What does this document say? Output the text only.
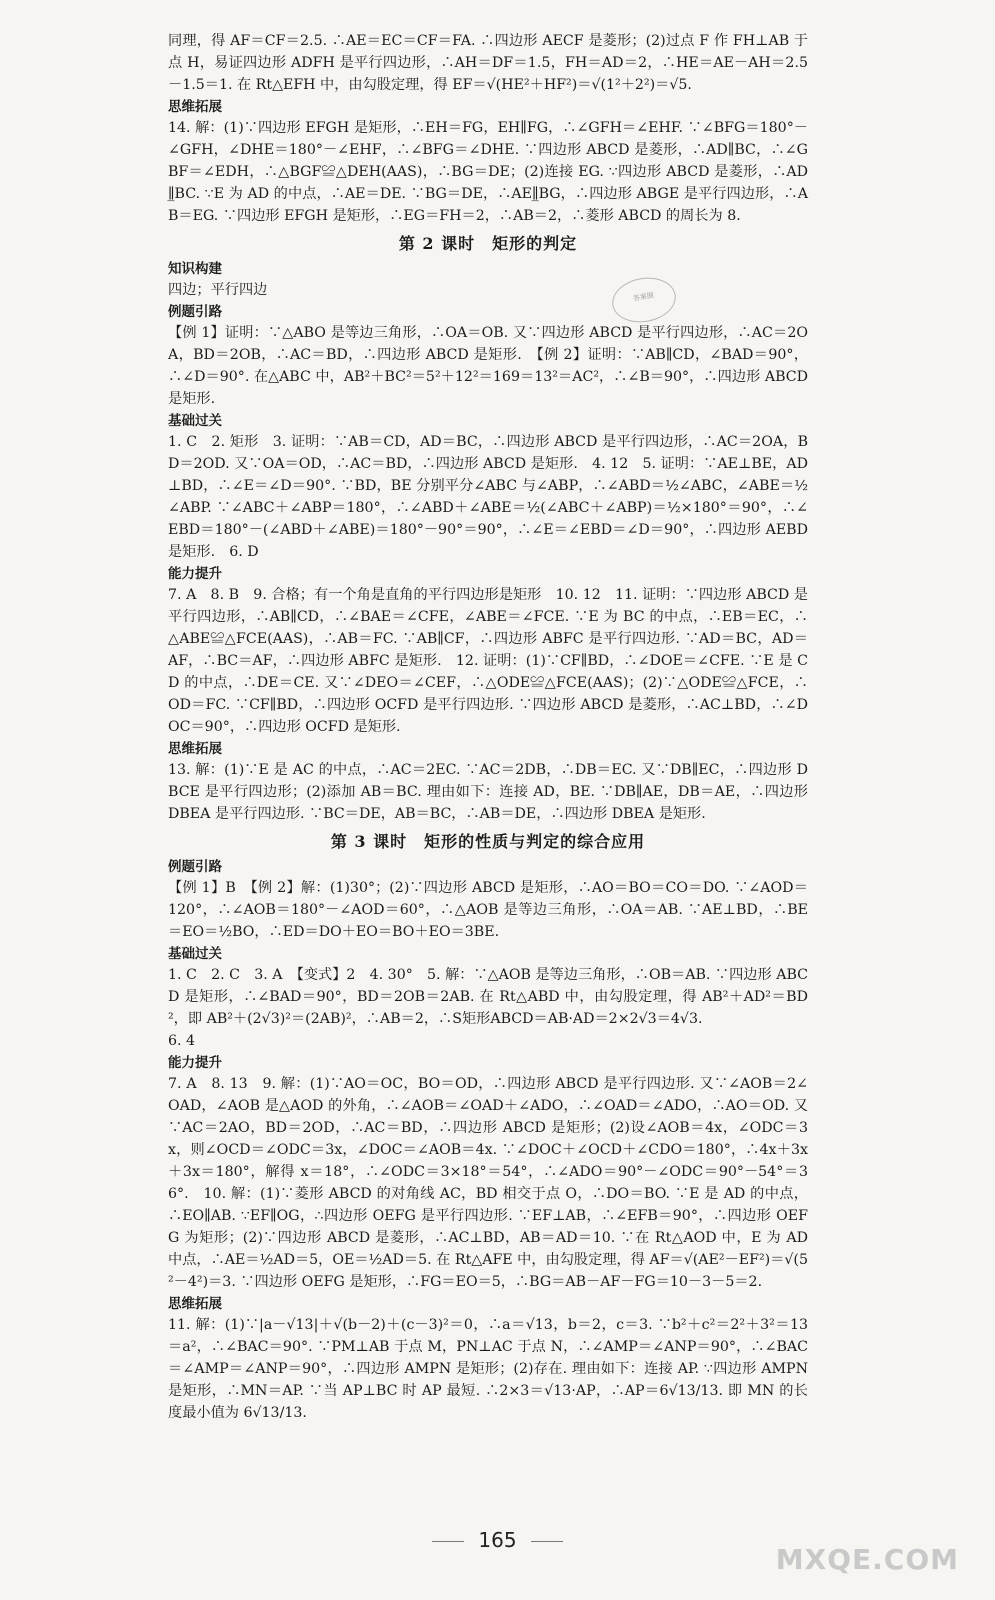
同理，得 AF＝CF＝2.5. ∴AE＝EC＝CF＝FA. ∴四边形 AECF 是菱形；(2)过点 F 作 FH⊥AB 于点 H，易证四边形 ADFH 是平行四边形，∴AH＝DF＝1.5，FH＝AD＝2，∴HE＝AE－AH＝2.5－1.5＝1. 在 Rt△EFH 中，由勾股定理，得 EF＝√(HE²＋HF²)＝√(1²＋2²)＝√5.

思维拓展

14. 解：(1)∵四边形 EFGH 是矩形，∴EH＝FG，EH∥FG，∴∠GFH＝∠EHF. ∵∠BFG＝180°－∠GFH，∠DHE＝180°－∠EHF，∴∠BFG＝∠DHE. ∵四边形 ABCD 是菱形，∴AD∥BC，∴∠GBF＝∠EDH，∴△BGF≌△DEH(AAS)，∴BG＝DE；(2)连接 EG. ∵四边形 ABCD 是菱形，∴AD∥̲BC. ∵E 为 AD 的中点，∴AE＝DE. ∵BG＝DE，∴AE∥̲BG，∴四边形 ABGE 是平行四边形，∴AB＝EG. ∵四边形 EFGH 是矩形，∴EG＝FH＝2，∴AB＝2，∴菱形 ABCD 的周长为 8.

第 2 课时　矩形的判定
知识构建

四边；平行四边

例题引路

【例 1】证明：∵△ABO 是等边三角形，∴OA＝OB. 又∵四边形 ABCD 是平行四边形，∴AC＝2OA，BD＝2OB，∴AC＝BD，∴四边形 ABCD 是矩形.　【例 2】证明：∵AB∥CD，∠BAD＝90°，∴∠D＝90°. 在△ABC 中，AB²＋BC²＝5²＋12²＝169＝13²＝AC²，∴∠B＝90°，∴四边形 ABCD 是矩形.

基础过关

1. C　2. 矩形　3. 证明：∵AB＝CD，AD＝BC，∴四边形 ABCD 是平行四边形，∴AC＝2OA，BD＝2OD. 又∵OA＝OD，∴AC＝BD，∴四边形 ABCD 是矩形.　4. 12　5. 证明：∵AE⊥BE，AD⊥BD，∴∠E＝∠D＝90°. ∵BD，BE 分别平分∠ABC 与∠ABP，∴∠ABD＝½∠ABC，∠ABE＝½∠ABP. ∵∠ABC＋∠ABP＝180°，∴∠ABD＋∠ABE＝½(∠ABC＋∠ABP)＝½×180°＝90°，∴∠EBD＝180°－(∠ABD＋∠ABE)＝180°－90°＝90°，∴∠E＝∠EBD＝∠D＝90°，∴四边形 AEBD 是矩形.　6. D

能力提升

7. A　8. B　9. 合格；有一个角是直角的平行四边形是矩形　10. 12　11. 证明：∵四边形 ABCD 是平行四边形，∴AB∥CD，∴∠BAE＝∠CFE，∠ABE＝∠FCE. ∵E 为 BC 的中点，∴EB＝EC，∴△ABE≌△FCE(AAS)，∴AB＝FC. ∵AB∥CF，∴四边形 ABFC 是平行四边形. ∵AD＝BC，AD＝AF，∴BC＝AF，∴四边形 ABFC 是矩形.　12. 证明：(1)∵CF∥BD，∴∠DOE＝∠CFE. ∵E 是 CD 的中点，∴DE＝CE. 又∵∠DEO＝∠CEF，∴△ODE≌△FCE(AAS)；(2)∵△ODE≌△FCE，∴OD＝FC. ∵CF∥BD，∴四边形 OCFD 是平行四边形. ∵四边形 ABCD 是菱形，∴AC⊥BD，∴∠DOC＝90°，∴四边形 OCFD 是矩形.

思维拓展

13. 解：(1)∵E 是 AC 的中点，∴AC＝2EC. ∵AC＝2DB，∴DB＝EC. 又∵DB∥EC，∴四边形 DBCE 是平行四边形；(2)添加 AB＝BC. 理由如下：连接 AD，BE. ∵DB∥AE，DB＝AE，∴四边形 DBEA 是平行四边形. ∵BC＝DE，AB＝BC，∴AB＝DE，∴四边形 DBEA 是矩形.

第 3 课时　矩形的性质与判定的综合应用
例题引路

【例 1】B　【例 2】解：(1)30°；(2)∵四边形 ABCD 是矩形，∴AO＝BO＝CO＝DO. ∵∠AOD＝120°，∴∠AOB＝180°－∠AOD＝60°，∴△AOB 是等边三角形，∴OA＝AB. ∵AE⊥BD，∴BE＝EO＝½BO，∴ED＝DO＋EO＝BO＋EO＝3BE.

基础过关

1. C　2. C　3. A　【变式】2　4. 30°　5. 解：∵△AOB 是等边三角形，∴OB＝AB. ∵四边形 ABCD 是矩形，∴∠BAD＝90°，BD＝2OB＝2AB. 在 Rt△ABD 中，由勾股定理，得 AB²＋AD²＝BD²，即 AB²＋(2√3)²＝(2AB)²，∴AB＝2，∴S矩形ABCD＝AB·AD＝2×2√3＝4√3.

6. 4

能力提升

7. A　8. 13　9. 解：(1)∵AO＝OC，BO＝OD，∴四边形 ABCD 是平行四边形. 又∵∠AOB＝2∠OAD，∠AOB 是△AOD 的外角，∴∠AOB＝∠OAD＋∠ADO，∴∠OAD＝∠ADO，∴AO＝OD. 又∵AC＝2AO，BD＝2OD，∴AC＝BD，∴四边形 ABCD 是矩形；(2)设∠AOB＝4x，∠ODC＝3x，则∠OCD＝∠ODC＝3x，∠DOC＝∠AOB＝4x. ∵∠DOC＋∠OCD＋∠CDO＝180°，∴4x＋3x＋3x＝180°，解得 x＝18°，∴∠ODC＝3×18°＝54°，∴∠ADO＝90°－∠ODC＝90°－54°＝36°.　10. 解：(1)∵菱形 ABCD 的对角线 AC，BD 相交于点 O，∴DO＝BO. ∵E 是 AD 的中点，∴EO∥AB. ∵EF∥OG，∴四边形 OEFG 是平行四边形. ∵EF⊥AB，∴∠EFB＝90°，∴四边形 OEFG 为矩形；(2)∵四边形 ABCD 是菱形，∴AC⊥BD，AB＝AD＝10. ∵在 Rt△AOD 中，E 为 AD 中点，∴AE＝½AD＝5，OE＝½AD＝5. 在 Rt△AFE 中，由勾股定理，得 AF＝√(AE²－EF²)＝√(5²－4²)＝3. ∵四边形 OEFG 是矩形，∴FG＝EO＝5，∴BG＝AB－AF－FG＝10－3－5＝2.

思维拓展

11. 解：(1)∵|a－√13|＋√(b－2)＋(c－3)²＝0，∴a＝√13，b＝2，c＝3. ∵b²＋c²＝2²＋3²＝13＝a²，∴∠BAC＝90°. ∵PM⊥AB 于点 M，PN⊥AC 于点 N，∴∠AMP＝∠ANP＝90°，∴∠BAC＝∠AMP＝∠ANP＝90°，∴四边形 AMPN 是矩形；(2)存在. 理由如下：连接 AP. ∵四边形 AMPN 是矩形，∴MN＝AP. ∵当 AP⊥BC 时 AP 最短. ∴2×3＝√13·AP，∴AP＝6√13/13. 即 MN 的长度最小值为 6√13/13.

答案圈
165
MXQE.COM
